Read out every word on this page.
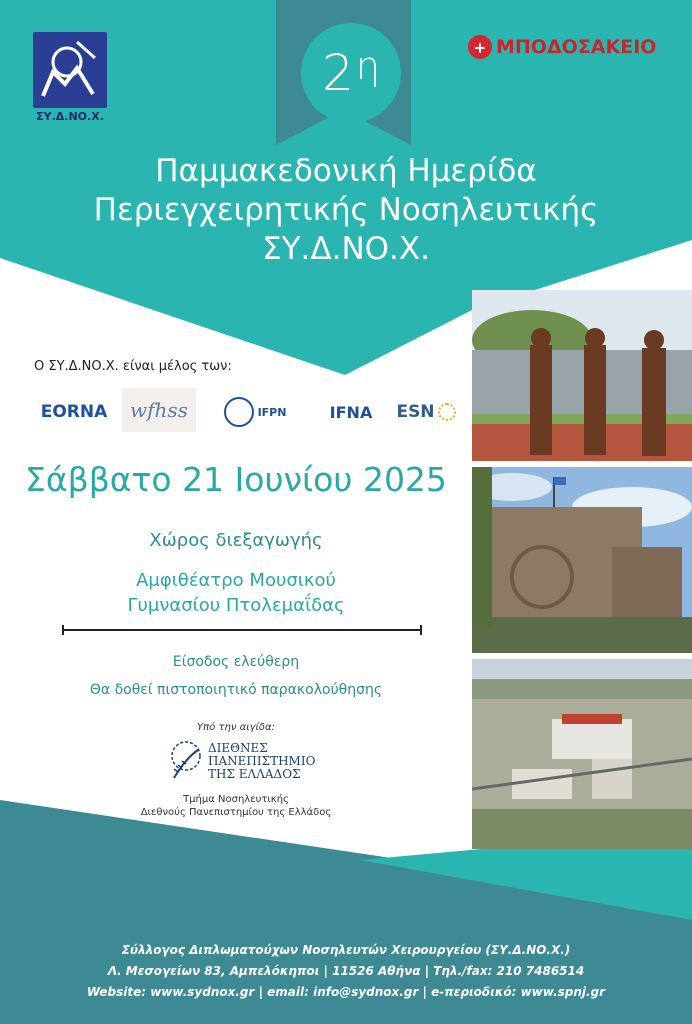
2 η
ΣΥ.Δ.ΝΟ.Χ.
+ ΜΠΟΔΟΣΑΚΕΙΟ
Παμμακεδονική Ημερίδα
Περιεγχειρητικής Νοσηλευτικής
ΣΥ.Δ.ΝΟ.Χ.
Ο ΣΥ.Δ.ΝΟ.Χ. είναι μέλος των:
EORNA wfhss	IFPN	IFNA ESN
Σάββατο 21 Ιουνίου 2025
Χώρος διεξαγωγής
Αμφιθέατρο Μουσικού
Γυμνασίου Πτολεμαΐδας
Είσοδος ελεύθερη
Θα δοθεί πιστοποιητικό παρακολούθησης
Υπό την αιγίδα:
ΔΙΕΘΝΕΣ
ΠΑΝΕΠΙΣΤΗΜΙΟ
ΤΗΣ ΕΛΛΑΔΟΣ
Τμήμα Νοσηλευτικής
Διεθνούς Πανεπιστημίου της Ελλάδος
Σύλλογος Διπλωματούχων Νοσηλευτών Χειρουργείου (ΣΥ.Δ.ΝΟ.Χ.)
Λ. Μεσογείων 83, Αμπελόκηποι | 11526 Αθήνα | Τηλ./fax: 210 7486514
Website: www.sydnox.gr | email: info@sydnox.gr | e-περιοδικό: www.spnj.gr
